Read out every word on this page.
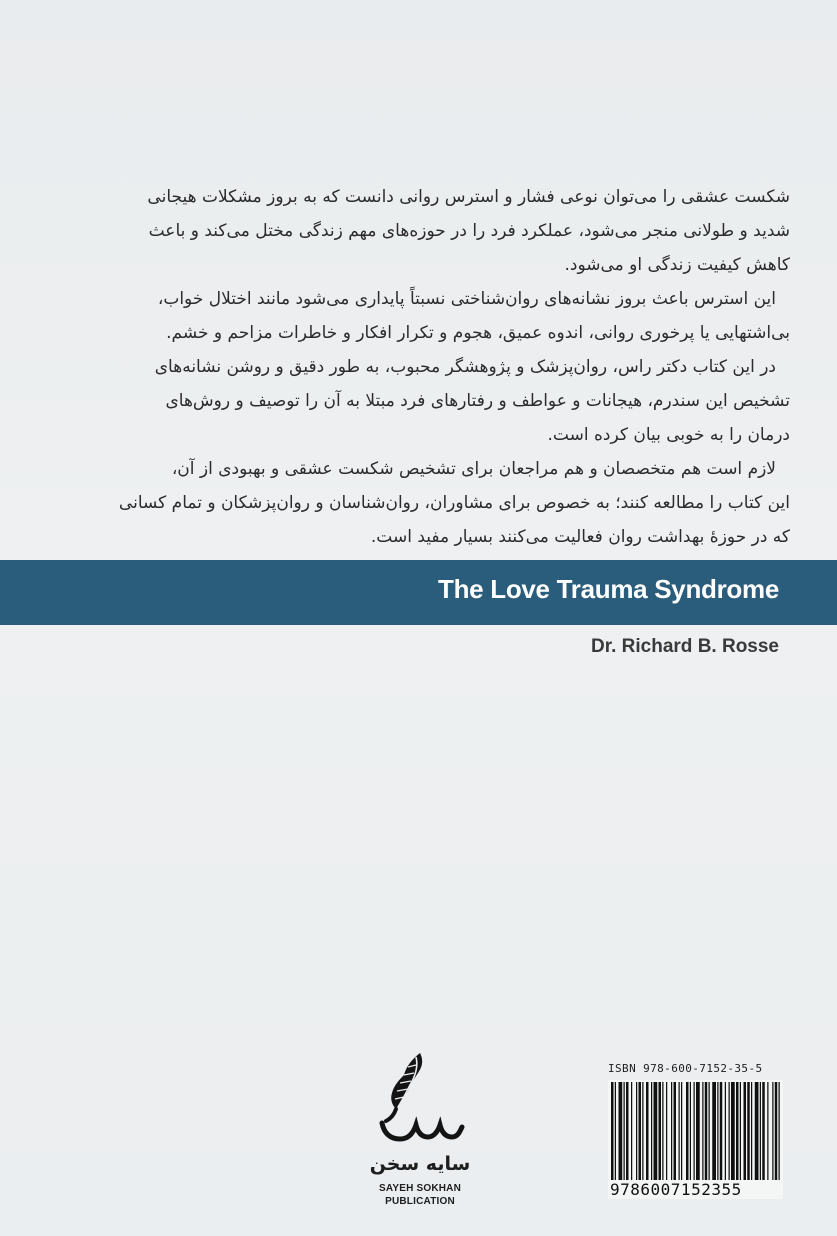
شکست عشقی را می‌توان نوعی فشار و استرس روانی دانست که به بروز مشکلات هیجانی
شدید و طولانی منجر می‌شود، عملکرد فرد را در حوزه‌های مهم زندگی مختل می‌کند و باعث
کاهش کیفیت زندگی او می‌شود.
این استرس باعث بروز نشانه‌های روان‌شناختی نسبتاً پایداری می‌شود مانند اختلال خواب،
بی‌اشتهایی یا پرخوری روانی، اندوه عمیق، هجوم و تکرار افکار و خاطرات مزاحم و خشم.
در این کتاب دکتر راس، روان‌پزشک و پژوهشگر محبوب، به طور دقیق و روشن نشانه‌های
تشخیص این سندرم، هیجانات و عواطف و رفتارهای فرد مبتلا به آن را توصیف و روش‌های
درمان را به خوبی بیان کرده است.
لازم است هم متخصصان و هم مراجعان برای تشخیص شکست عشقی و بهبودی از آن،
این کتاب را مطالعه کنند؛ به خصوص برای مشاوران، روان‌شناسان و روان‌پزشکان و تمام کسانی
که در حوزهٔ بهداشت روان فعالیت می‌کنند بسیار مفید است.
The Love Trauma Syndrome
Dr. Richard B. Rosse
سایه سخن
SAYEH SOKHAN
PUBLICATION
ISBN 978-600-7152-35-5
9786007152355
